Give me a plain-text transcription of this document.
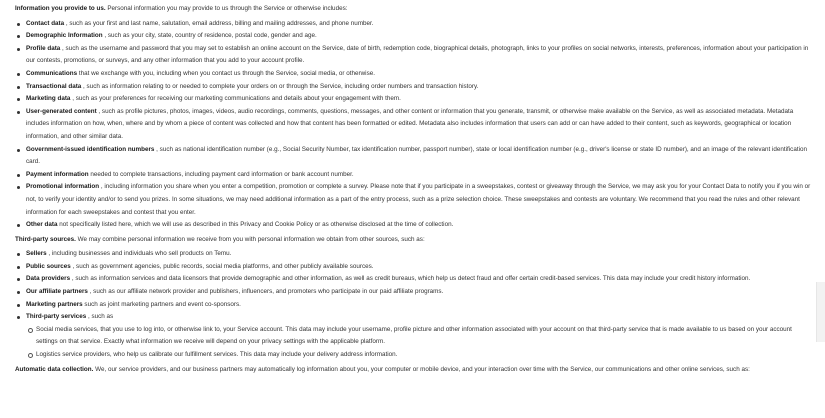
Information you provide to us. Personal information you may provide to us through the Service or otherwise includes:

Contact data , such as your first and last name, salutation, email address, billing and mailing addresses, and phone number.
Demographic Information , such as your city, state, country of residence, postal code, gender and age.
Profile data , such as the username and password that you may set to establish an online account on the Service, date of birth, redemption code, biographical details, photograph, links to your profiles on social networks, interests, preferences, information about your participation in our contests, promotions, or surveys, and any other information that you add to your account profile.
Communications that we exchange with you, including when you contact us through the Service, social media, or otherwise.
Transactional data , such as information relating to or needed to complete your orders on or through the Service, including order numbers and transaction history.
Marketing data , such as your preferences for receiving our marketing communications and details about your engagement with them.
User-generated content , such as profile pictures, photos, images, videos, audio recordings, comments, questions, messages, and other content or information that you generate, transmit, or otherwise make available on the Service, as well as associated metadata. Metadata includes information on how, when, where and by whom a piece of content was collected and how that content has been formatted or edited. Metadata also includes information that users can add or can have added to their content, such as keywords, geographical or location information, and other similar data.
Government-issued identification numbers , such as national identification number (e.g., Social Security Number, tax identification number, passport number), state or local identification number (e.g., driver's license or state ID number), and an image of the relevant identification card.
Payment information needed to complete transactions, including payment card information or bank account number.
Promotional information , including information you share when you enter a competition, promotion or complete a survey. Please note that if you participate in a sweepstakes, contest or giveaway through the Service, we may ask you for your Contact Data to notify you if you win or not, to verify your identity and/or to send you prizes. In some situations, we may need additional information as a part of the entry process, such as a prize selection choice. These sweepstakes and contests are voluntary. We recommend that you read the rules and other relevant information for each sweepstakes and contest that you enter.
Other data not specifically listed here, which we will use as described in this Privacy and Cookie Policy or as otherwise disclosed at the time of collection.

Third-party sources. We may combine personal information we receive from you with personal information we obtain from other sources, such as:

Sellers , including businesses and individuals who sell products on Temu.
Public sources , such as government agencies, public records, social media platforms, and other publicly available sources.
Data providers , such as information services and data licensors that provide demographic and other information, as well as credit bureaus, which help us detect fraud and offer certain credit-based services. This data may include your credit history information.
Our affiliate partners , such as our affiliate network provider and publishers, influencers, and promoters who participate in our paid affiliate programs.
Marketing partners such as joint marketing partners and event co-sponsors.
Third-party services , such as
Social media services, that you use to log into, or otherwise link to, your Service account. This data may include your username, profile picture and other information associated with your account on that third-party service that is made available to us based on your account settings on that service. Exactly what information we receive will depend on your privacy settings with the applicable platform.
Logistics service providers, who help us calibrate our fulfillment services. This data may include your delivery address information.

Automatic data collection. We, our service providers, and our business partners may automatically log information about you, your computer or mobile device, and your interaction over time with the Service, our communications and other online services, such as:
